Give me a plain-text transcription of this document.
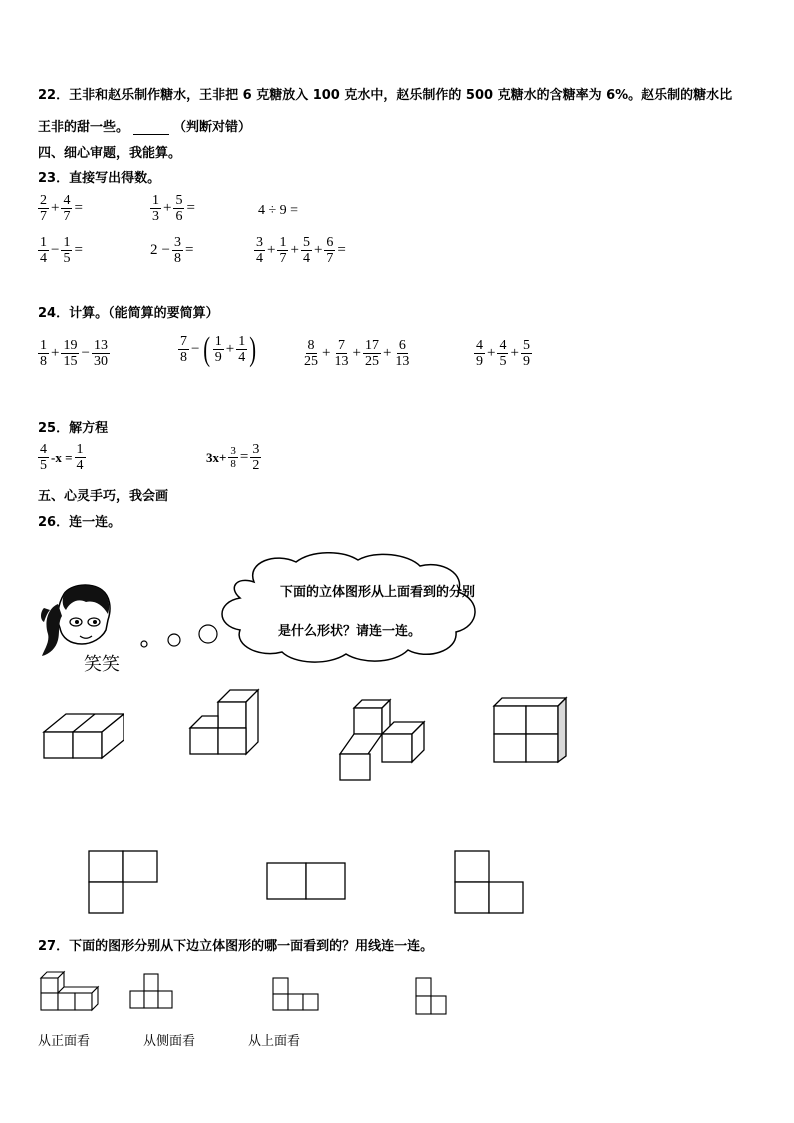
22．王非和赵乐制作糖水，王非把 6 克糖放入 100 克水中，赵乐制作的 500 克糖水的含糖率为 6%。赵乐制的糖水比
王非的甜一些。	（判断对错）
四、细心审题，我能算。
23．直接写出得数。
$\frac{2}{7} + \frac{4}{7}$ =	$\frac{1}{3} + \frac{5}{6}$ =	4 ÷ 9 =
$\frac{1}{4} - \frac{1}{5}$ =	$2 - \frac{3}{8}$ =	$\frac{3}{4} + \frac{1}{7} + \frac{5}{4} + \frac{6}{7}$ =
24．计算。（能简算的要简算）
$\frac{1}{8} + \frac{19}{15} - \frac{13}{30}$	$\frac{7}{8}$ − ( $\frac{1}{9} + \frac{1}{4}$ )	$\frac{8}{25} + \frac{7}{13} + \frac{17}{25} + \frac{6}{13}$	$\frac{4}{9} + \frac{4}{5} + \frac{5}{9}$
25．解方程
$\frac{4}{5} -x = \frac{1}{4}$	$3x+ \frac{3}{8} = \frac{3}{2}$
五、心灵手巧，我会画
26．连一连。
笑笑
下面的立体图形从上面看到的分别
是什么形状？请连一连。
27．下面的图形分别从下边立体图形的哪一面看到的？用线连一连。
从正面看	从侧面看	从上面看
